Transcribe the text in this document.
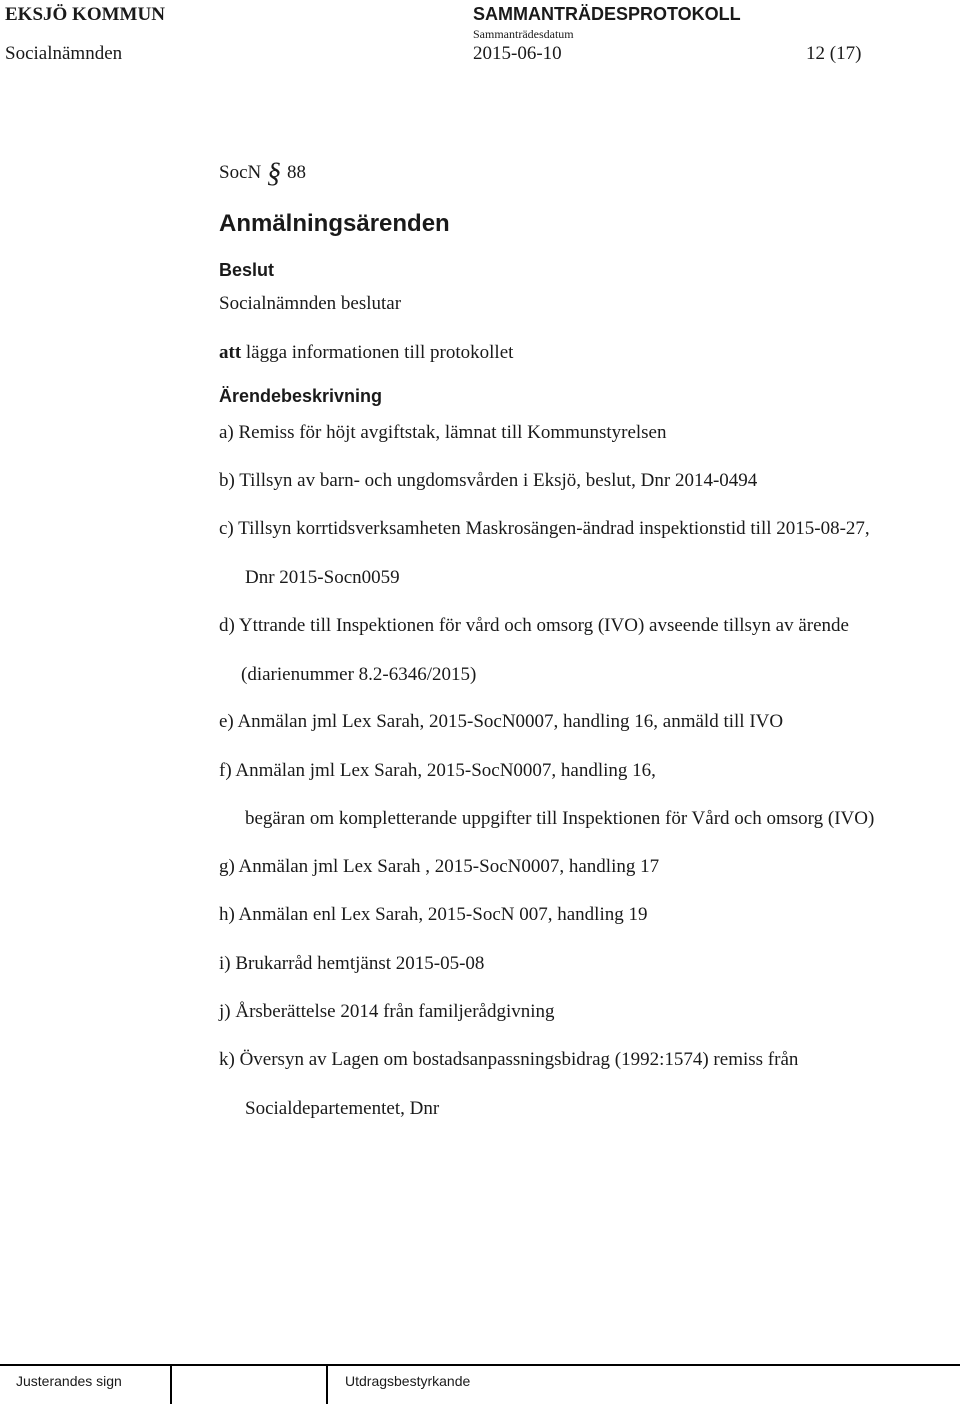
EKSJÖ KOMMUN	SAMMANTRÄDESPROTOKOLL
Sammanträdesdatum
Socialnämnden	2015-06-10	12 (17)
SocN § 88
Anmälningsärenden
Beslut
Socialnämnden beslutar
att lägga informationen till protokollet
Ärendebeskrivning
a) Remiss för höjt avgiftstak, lämnat till Kommunstyrelsen
b) Tillsyn av barn- och ungdomsvården i Eksjö, beslut, Dnr 2014-0494
c) Tillsyn korrtidsverksamheten Maskrosängen-ändrad inspektionstid till 2015-08-27,
Dnr 2015-Socn0059
d) Yttrande till Inspektionen för vård och omsorg (IVO) avseende tillsyn av ärende
(diarienummer 8.2-6346/2015)
e) Anmälan jml Lex Sarah, 2015-SocN0007, handling 16, anmäld till IVO
f) Anmälan jml Lex Sarah, 2015-SocN0007, handling 16,
begäran om kompletterande uppgifter till Inspektionen för Vård och omsorg (IVO)
g) Anmälan jml Lex Sarah , 2015-SocN0007, handling 17
h) Anmälan enl Lex Sarah, 2015-SocN 007, handling 19
i) Brukarråd hemtjänst 2015-05-08
j) Årsberättelse 2014 från familjerådgivning
k) Översyn av Lagen om bostadsanpassningsbidrag (1992:1574) remiss från
Socialdepartementet, Dnr
Justerandes sign	Utdragsbestyrkande
